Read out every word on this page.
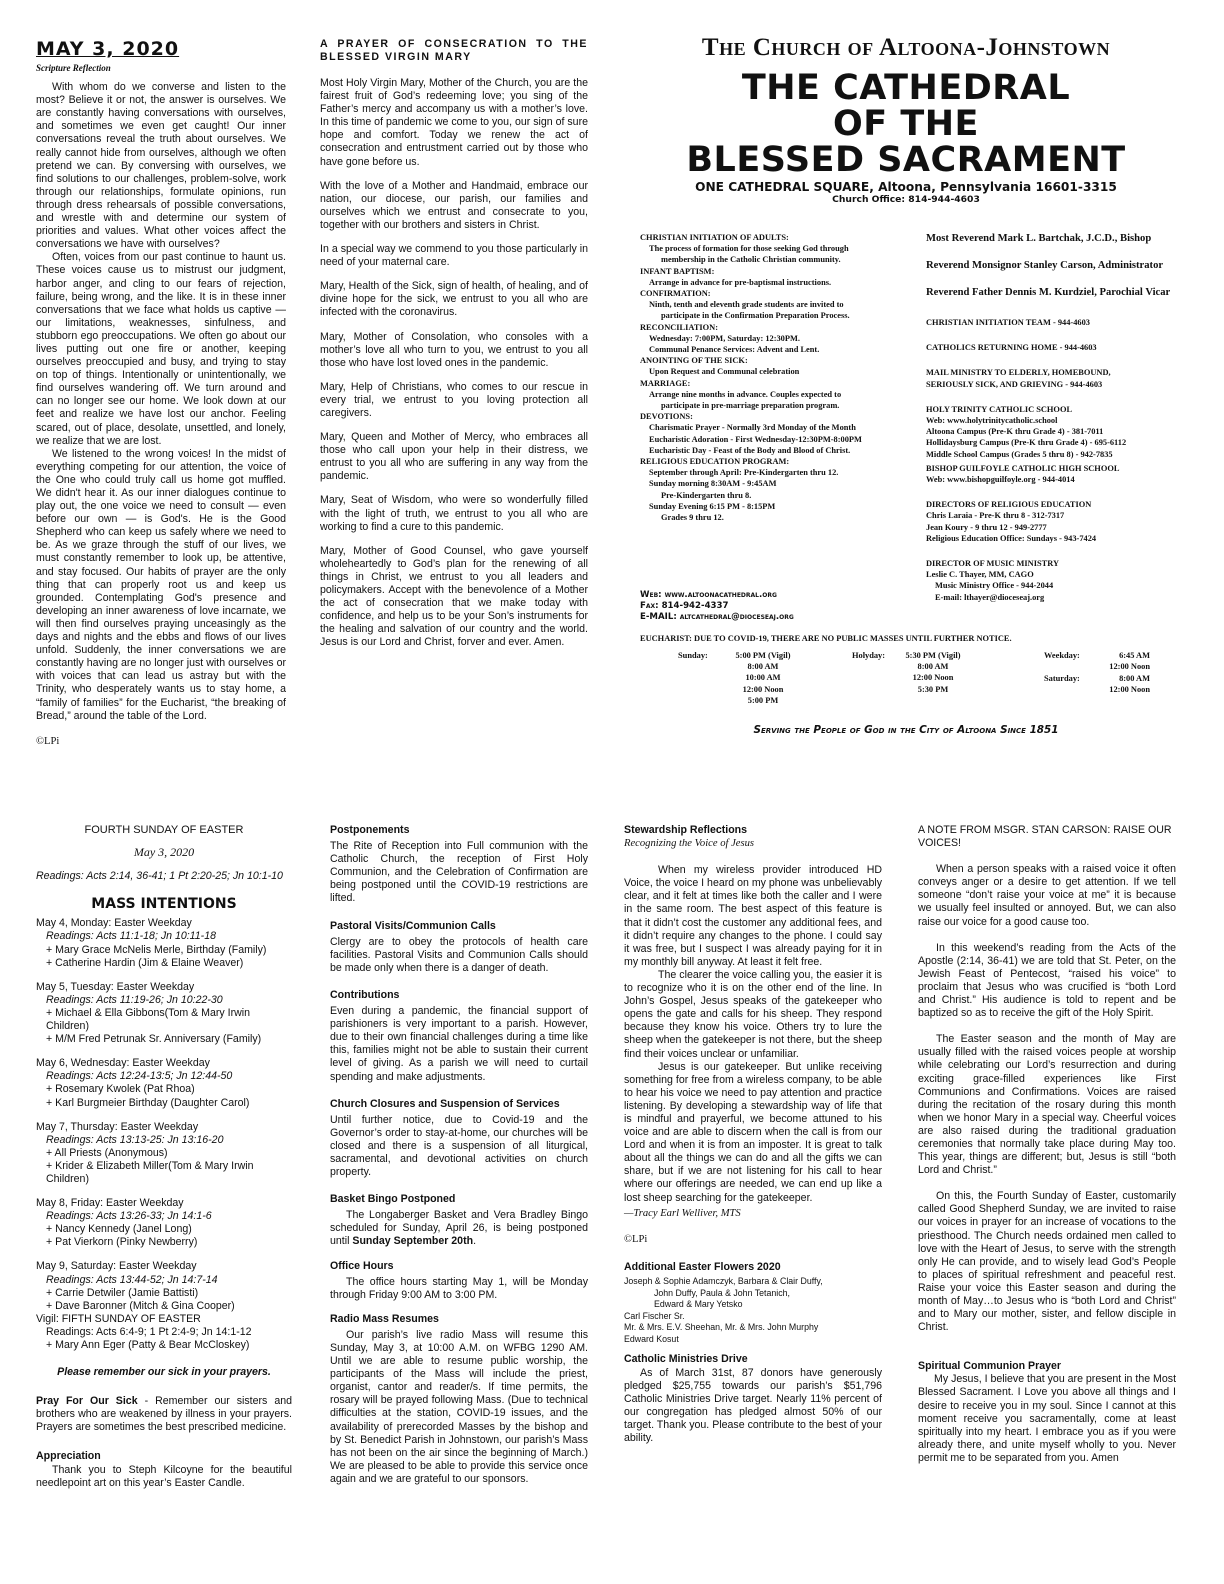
MAY 3, 2020
Scripture Reflection

With whom do we converse and listen to the most? Believe it or not, the answer is ourselves. We are constantly having conversations with ourselves, and sometimes we even get caught! Our inner conversations reveal the truth about ourselves. We really cannot hide from ourselves, although we often pretend we can. By conversing with ourselves, we find solutions to our challenges, problem-solve, work through our relationships, formulate opinions, run through dress rehearsals of possible conversations, and wrestle with and determine our system of priorities and values. What other voices affect the conversations we have with ourselves?

Often, voices from our past continue to haunt us. These voices cause us to mistrust our judgment, harbor anger, and cling to our fears of rejection, failure, being wrong, and the like. It is in these inner conversations that we face what holds us captive — our limitations, weaknesses, sinfulness, and stubborn ego preoccupations. We often go about our lives putting out one fire or another, keeping ourselves preoccupied and busy, and trying to stay on top of things. Intentionally or unintentionally, we find ourselves wandering off. We turn around and can no longer see our home. We look down at our feet and realize we have lost our anchor. Feeling scared, out of place, desolate, unsettled, and lonely, we realize that we are lost.

We listened to the wrong voices! In the midst of everything competing for our attention, the voice of the One who could truly call us home got muffled. We didn't hear it. As our inner dialogues continue to play out, the one voice we need to consult — even before our own — is God's. He is the Good Shepherd who can keep us safely where we need to be. As we graze through the stuff of our lives, we must constantly remember to look up, be attentive, and stay focused. Our habits of prayer are the only thing that can properly root us and keep us grounded. Contemplating God's presence and developing an inner awareness of love incarnate, we will then find ourselves praying unceasingly as the days and nights and the ebbs and flows of our lives unfold. Suddenly, the inner conversations we are constantly having are no longer just with ourselves or with voices that can lead us astray but with the Trinity, who desperately wants us to stay home, a “family of families” for the Eucharist, “the breaking of Bread,” around the table of the Lord.

©LPi
A PRAYER OF CONSECRATION TO THE BLESSED VIRGIN MARY

Most Holy Virgin Mary, Mother of the Church, you are the fairest fruit of God’s redeeming love; you sing of the Father’s mercy and accompany us with a mother’s love. In this time of pandemic we come to you, our sign of sure hope and comfort. Today we renew the act of consecration and entrustment carried out by those who have gone before us.

With the love of a Mother and Handmaid, embrace our nation, our diocese, our parish, our families and ourselves which we entrust and consecrate to you, together with our brothers and sisters in Christ.

In a special way we commend to you those particularly in need of your maternal care.

Mary, Health of the Sick, sign of health, of healing, and of divine hope for the sick, we entrust to you all who are infected with the coronavirus.

Mary, Mother of Consolation, who consoles with a mother’s love all who turn to you, we entrust to you all those who have lost loved ones in the pandemic.

Mary, Help of Christians, who comes to our rescue in every trial, we entrust to you loving protection all caregivers.

Mary, Queen and Mother of Mercy, who embraces all those who call upon your help in their distress, we entrust to you all who are suffering in any way from the pandemic.

Mary, Seat of Wisdom, who were so wonderfully filled with the light of truth, we entrust to you all who are working to find a cure to this pandemic.

Mary, Mother of Good Counsel, who gave yourself wholeheartedly to God’s plan for the renewing of all things in Christ, we entrust to you all leaders and policymakers. Accept with the benevolence of a Mother the act of consecration that we make today with confidence, and help us to be your Son’s instruments for the healing and salvation of our country and the world. Jesus is our Lord and Christ, forver and ever. Amen.

The Church of Altoona-Johnstown
THE CATHEDRAL
OF THE
BLESSED SACRAMENT
ONE CATHEDRAL SQUARE, Altoona, Pennsylvania 16601-3315
Church Office: 814-944-4603
CHRISTIAN INITIATION OF ADULTS:
The process of formation for those seeking God through
membership in the Catholic Christian community.
INFANT BAPTISM:
Arrange in advance for pre-baptismal instructions.
CONFIRMATION:
Ninth, tenth and eleventh grade students are invited to
participate in the Confirmation Preparation Process.
RECONCILIATION:
Wednesday: 7:00PM, Saturday: 12:30PM.
Communal Penance Services: Advent and Lent.
ANOINTING OF THE SICK:
Upon Request and Communal celebration
MARRIAGE:
Arrange nine months in advance. Couples expected to
participate in pre-marriage preparation program.
DEVOTIONS:
Charismatic Prayer - Normally 3rd Monday of the Month
Eucharistic Adoration - First Wednesday-12:30PM-8:00PM
Eucharistic Day - Feast of the Body and Blood of Christ.
RELIGIOUS EDUCATION PROGRAM:
September through April: Pre-Kindergarten thru 12.
Sunday morning 8:30AM - 9:45AM
Pre-Kindergarten thru 8.
Sunday Evening 6:15 PM - 8:15PM
Grades 9 thru 12.
Most Reverend Mark L. Bartchak, J.C.D., Bishop
Reverend Monsignor Stanley Carson, Administrator
Reverend Father Dennis M. Kurdziel, Parochial Vicar
CHRISTIAN INITIATION TEAM - 944-4603
CATHOLICS RETURNING HOME - 944-4603
MAIL MINISTRY TO ELDERLY, HOMEBOUND,
SERIOUSLY SICK, AND GRIEVING - 944-4603
HOLY TRINITY CATHOLIC SCHOOL
Web: www.holytrinitycatholic.school
Altoona Campus (Pre-K thru Grade 4) - 381-7011
Hollidaysburg Campus (Pre-K thru Grade 4) - 695-6112
Middle School Campus (Grades 5 thru 8) - 942-7835
BISHOP GUILFOYLE CATHOLIC HIGH SCHOOL
Web: www.bishopguilfoyle.org - 944-4014
DIRECTORS OF RELIGIOUS EDUCATION
Chris Laraia - Pre-K thru 8 - 312-7317
Jean Koury - 9 thru 12 - 949-2777
Religious Education Office: Sundays - 943-7424
DIRECTOR OF MUSIC MINISTRY
Leslie C. Thayer, MM, CAGO
Music Ministry Office - 944-2044
E-mail: lthayer@dioceseaj.org
Web: www.altoonacathedral.org
Fax: 814-942-4337
E-MAIL: altcathedral@dioceseaj.org
EUCHARIST: DUE TO COVID-19, THERE ARE NO PUBLIC MASSES UNTIL FURTHER NOTICE.
Sunday:	5:00 PM (Vigil)
8:00 AM
10:00 AM
12:00 Noon
5:00 PM
Holyday:	5:30 PM (Vigil)
8:00 AM
12:00 Noon
5:30 PM
Weekday:	6:45 AM
12:00 Noon
Saturday:	8:00 AM
12:00 Noon
Serving the People of God in the City of Altoona Since 1851
FOURTH SUNDAY OF EASTER
May 3, 2020
Readings: Acts 2:14, 36-41; 1 Pt 2:20-25; Jn 10:1-10
MASS INTENTIONS
May 4, Monday: Easter Weekday
Readings: Acts 11:1-18; Jn 10:11-18
+ Mary Grace McNelis Merle, Birthday (Family)
+ Catherine Hardin (Jim & Elaine Weaver)
May 5, Tuesday: Easter Weekday
Readings: Acts 11:19-26; Jn 10:22-30
+ Michael & Ella Gibbons(Tom & Mary Irwin Children)
+ M/M Fred Petrunak Sr. Anniversary (Family)
May 6, Wednesday: Easter Weekday
Readings: Acts 12:24-13:5; Jn 12:44-50
+ Rosemary Kwolek (Pat Rhoa)
+ Karl Burgmeier Birthday (Daughter Carol)
May 7, Thursday: Easter Weekday
Readings: Acts 13:13-25: Jn 13:16-20
+ All Priests (Anonymous)
+ Krider & Elizabeth Miller(Tom & Mary Irwin Children)
May 8, Friday: Easter Weekday
Readings: Acts 13:26-33; Jn 14:1-6
+ Nancy Kennedy (Janel Long)
+ Pat Vierkorn (Pinky Newberry)
May 9, Saturday: Easter Weekday
Readings: Acts 13:44-52; Jn 14:7-14
+ Carrie Detwiler (Jamie Battisti)
+ Dave Baronner (Mitch & Gina Cooper)
Vigil: FIFTH SUNDAY OF EASTER
Readings: Acts 6:4-9; 1 Pt 2:4-9; Jn 14:1-12
+ Mary Ann Eger (Patty & Bear McCloskey)
Please remember our sick in your prayers.
Pray For Our Sick - Remember our sisters and brothers who are weakened by illness in your prayers. Prayers are sometimes the best prescribed medicine.
Appreciation
Thank you to Steph Kilcoyne for the beautiful needlepoint art on this year’s Easter Candle.
Postponements

The Rite of Reception into Full communion with the Catholic Church, the reception of First Holy Communion, and the Celebration of Confirmation are being postponed until the COVID-19 restrictions are lifted.

Pastoral Visits/Communion Calls

Clergy are to obey the protocols of health care facilities. Pastoral Visits and Communion Calls should be made only when there is a danger of death.

Contributions

Even during a pandemic, the financial support of parishioners is very important to a parish. However, due to their own financial challenges during a time like this, families might not be able to sustain their current level of giving. As a parish we will need to curtail spending and make adjustments.

Church Closures and Suspension of Services

Until further notice, due to Covid-19 and the Governor’s order to stay-at-home, our churches will be closed and there is a suspension of all liturgical, sacramental, and devotional activities on church property.

Basket Bingo Postponed

The Longaberger Basket and Vera Bradley Bingo scheduled for Sunday, April 26, is being postponed until Sunday September 20th.

Office Hours

The office hours starting May 1, will be Monday through Friday 9:00 AM to 3:00 PM.

Radio Mass Resumes

Our parish’s live radio Mass will resume this Sunday, May 3, at 10:00 A.M. on WFBG 1290 AM. Until we are able to resume public worship, the participants of the Mass will include the priest, organist, cantor and reader/s. If time permits, the rosary will be prayed following Mass. (Due to technical difficulties at the station, COVID-19 issues, and the availability of prerecorded Masses by the bishop and by St. Benedict Parish in Johnstown, our parish’s Mass has not been on the air since the beginning of March.) We are pleased to be able to provide this service once again and we are grateful to our sponsors.

Stewardship Reflections
Recognizing the Voice of Jesus

When my wireless provider introduced HD Voice, the voice I heard on my phone was unbelievably clear, and it felt at times like both the caller and I were in the same room. The best aspect of this feature is that it didn’t cost the customer any additional fees, and it didn’t require any changes to the phone. I could say it was free, but I suspect I was already paying for it in my monthly bill anyway. At least it felt free.

The clearer the voice calling you, the easier it is to recognize who it is on the other end of the line. In John’s Gospel, Jesus speaks of the gatekeeper who opens the gate and calls for his sheep. They respond because they know his voice. Others try to lure the sheep when the gatekeeper is not there, but the sheep find their voices unclear or unfamiliar.

Jesus is our gatekeeper. But unlike receiving something for free from a wireless company, to be able to hear his voice we need to pay attention and practice listening. By developing a stewardship way of life that is mindful and prayerful, we become attuned to his voice and are able to discern when the call is from our Lord and when it is from an imposter. It is great to talk about all the things we can do and all the gifts we can share, but if we are not listening for his call to hear where our offerings are needed, we can end up like a lost sheep searching for the gatekeeper.

—Tracy Earl Welliver, MTS
©LPi
Additional Easter Flowers 2020
Joseph & Sophie Adamczyk, Barbara & Clair Duffy,
John Duffy, Paula & John Tetanich,
Edward & Mary Yetsko
Carl Fischer Sr.
Mr. & Mrs. E.V. Sheehan, Mr. & Mrs. John Murphy
Edward Kosut
Catholic Ministries Drive

As of March 31st, 87 donors have generously pledged $25,755 towards our parish’s $51,796 Catholic Ministries Drive target. Nearly 11% percent of our congregation has pledged almost 50% of our target. Thank you. Please contribute to the best of your ability.

A NOTE FROM MSGR. STAN CARSON: RAISE OUR VOICES!

When a person speaks with a raised voice it often conveys anger or a desire to get attention. If we tell someone “don’t raise your voice at me” it is because we usually feel insulted or annoyed. But, we can also raise our voice for a good cause too.

In this weekend’s reading from the Acts of the Apostle (2:14, 36-41) we are told that St. Peter, on the Jewish Feast of Pentecost, “raised his voice” to proclaim that Jesus who was crucified is “both Lord and Christ.” His audience is told to repent and be baptized so as to receive the gift of the Holy Spirit.

The Easter season and the month of May are usually filled with the raised voices people at worship while celebrating our Lord’s resurrection and during exciting grace-filled experiences like First Communions and Confirmations. Voices are raised during the recitation of the rosary during this month when we honor Mary in a special way. Cheerful voices are also raised during the traditional graduation ceremonies that normally take place during May too. This year, things are different; but, Jesus is still “both Lord and Christ.”

On this, the Fourth Sunday of Easter, customarily called Good Shepherd Sunday, we are invited to raise our voices in prayer for an increase of vocations to the priesthood. The Church needs ordained men called to love with the Heart of Jesus, to serve with the strength only He can provide, and to wisely lead God’s People to places of spiritual refreshment and peaceful rest. Raise your voice this Easter season and during the month of May…to Jesus who is “both Lord and Christ” and to Mary our mother, sister, and fellow disciple in Christ.

Spiritual Communion Prayer

My Jesus, I believe that you are present in the Most Blessed Sacrament. I Love you above all things and I desire to receive you in my soul. Since I cannot at this moment receive you sacramentally, come at least spiritually into my heart. I embrace you as if you were already there, and unite myself wholly to you. Never permit me to be separated from you. Amen
